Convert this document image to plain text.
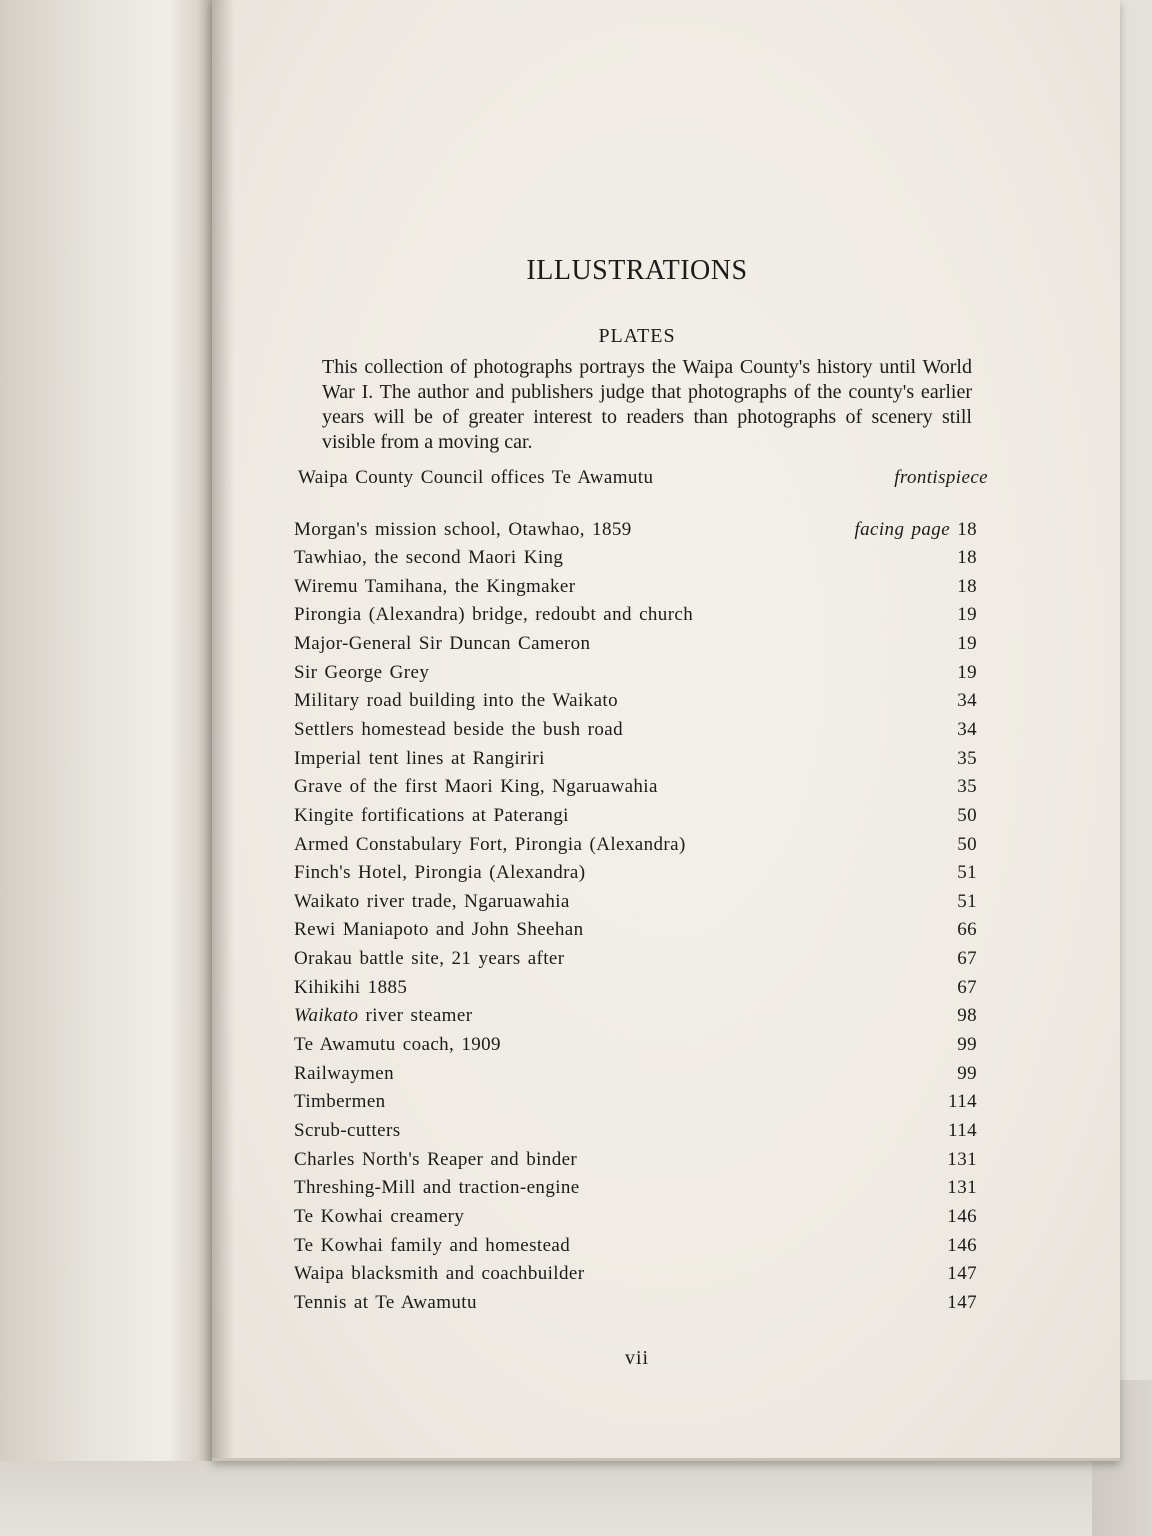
ILLUSTRATIONS
PLATES
This collection of photographs portrays the Waipa County's history until World War I. The author and publishers judge that photographs of the county's earlier years will be of greater interest to readers than photographs of scenery still visible from a moving car.
Waipa County Council offices Te Awamutu	frontispiece
Morgan's mission school, Otawhao, 1859	facing page 18
Tawhiao, the second Maori King	18
Wiremu Tamihana, the Kingmaker	18
Pirongia (Alexandra) bridge, redoubt and church	19
Major-General Sir Duncan Cameron	19
Sir George Grey	19
Military road building into the Waikato	34
Settlers homestead beside the bush road	34
Imperial tent lines at Rangiriri	35
Grave of the first Maori King, Ngaruawahia	35
Kingite fortifications at Paterangi	50
Armed Constabulary Fort, Pirongia (Alexandra)	50
Finch's Hotel, Pirongia (Alexandra)	51
Waikato river trade, Ngaruawahia	51
Rewi Maniapoto and John Sheehan	66
Orakau battle site, 21 years after	67
Kihikihi 1885	67
Waikato river steamer	98
Te Awamutu coach, 1909	99
Railwaymen	99
Timbermen	114
Scrub-cutters	114
Charles North's Reaper and binder	131
Threshing-Mill and traction-engine	131
Te Kowhai creamery	146
Te Kowhai family and homestead	146
Waipa blacksmith and coachbuilder	147
Tennis at Te Awamutu	147
vii
